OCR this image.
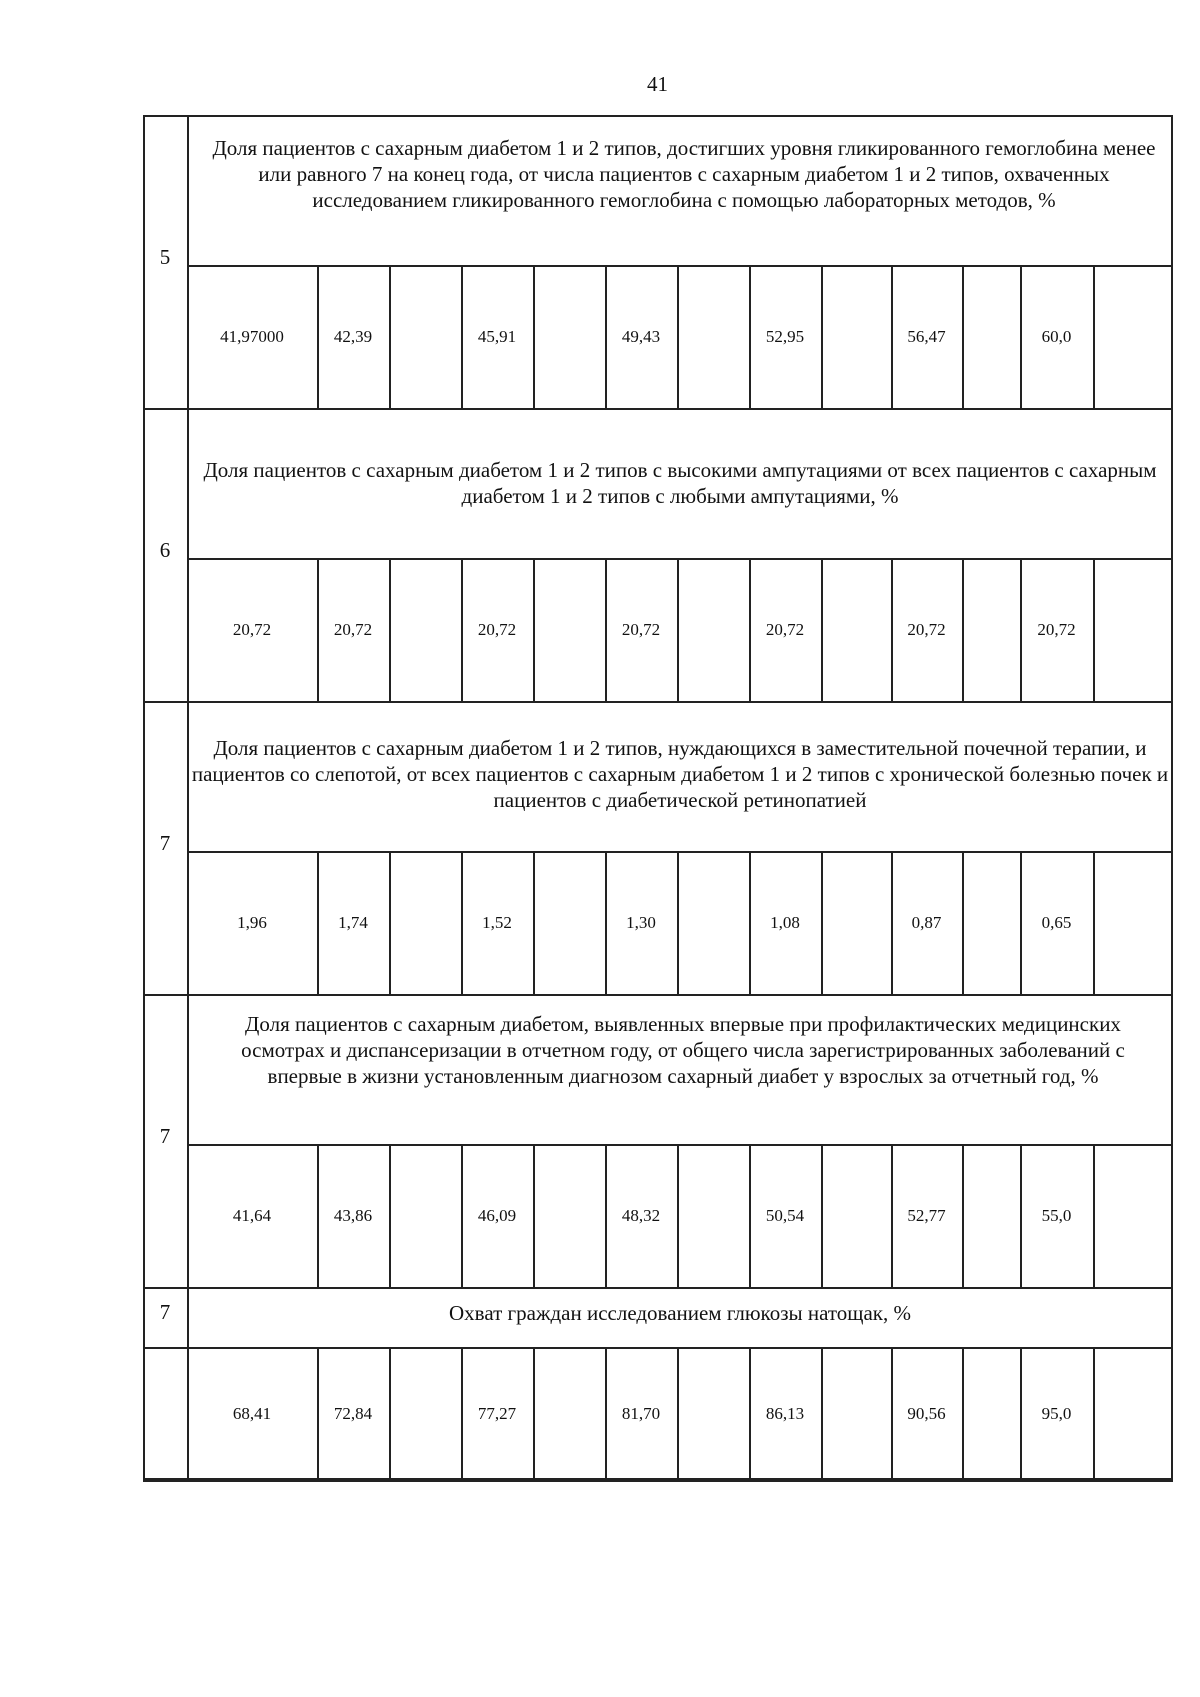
41
5
Доля пациентов с сахарным диабетом 1 и 2 типов, достигших уровня гликированного гемоглобина менее или равного 7 на конец года, от числа пациентов с сахарным диабетом 1 и 2 типов, охваченных исследованием гликированного гемоглобина с помощью лабораторных методов, %
41,97000	42,39	45,91	49,43	52,95	56,47	60,0
6
Доля пациентов с сахарным диабетом 1 и 2 типов с высокими ампутациями от всех пациентов с сахарным диабетом 1 и 2 типов с любыми ампутациями, %
20,72	20,72	20,72	20,72	20,72	20,72	20,72
7
Доля пациентов с сахарным диабетом 1 и 2 типов, нуждающихся в заместительной почечной терапии, и пациентов со слепотой, от всех пациентов с сахарным диабетом 1 и 2 типов с хронической болезнью почек и пациентов с диабетической ретинопатией
1,96	1,74	1,52	1,30	1,08	0,87	0,65
7
Доля пациентов с сахарным диабетом, выявленных впервые при профилактических медицинских осмотрах и диспансеризации в отчетном году, от общего числа зарегистрированных заболеваний с впервые в жизни установленным диагнозом сахарный диабет у взрослых за отчетный год, %
41,64	43,86	46,09	48,32	50,54	52,77	55,0
7	Охват граждан исследованием глюкозы натощак, %
68,41	72,84	77,27	81,70	86,13	90,56	95,0
